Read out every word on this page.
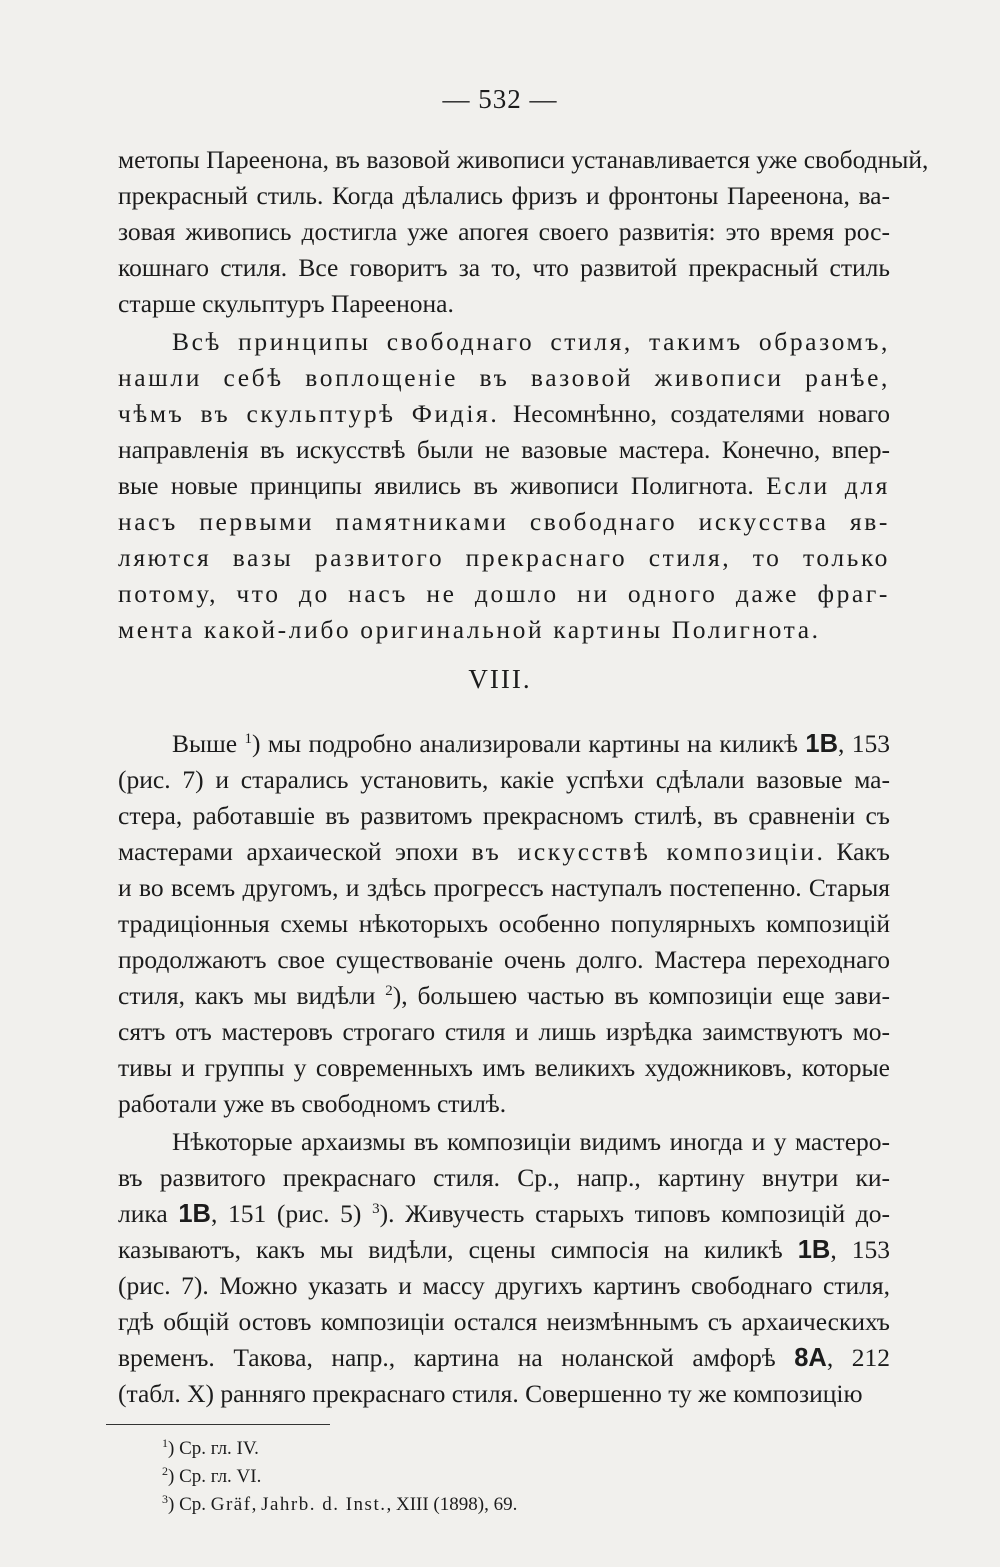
— 532 —
метопы Пареенона, въ вазовой живописи устанавливается уже свободный,
прекрасный стиль. Когда дѣлались фризъ и фронтоны Пареенона, ва-
зовая живопись достигла уже апогея своего развитія: это время рос-
кошнаго стиля. Все говоритъ за то, что развитой прекрасный стиль
старше скульптуръ Пареенона.
Всѣ принципы свободнаго стиля, такимъ образомъ,
нашли себѣ воплощеніе въ вазовой живописи ранѣе,
чѣмъ въ скульптурѣ Фидія. Несомнѣнно, создателями новаго
направленія въ искусствѣ были не вазовые мастера. Конечно, впер-
вые новые принципы явились въ живописи Полигнота. Если для
насъ первыми памятниками свободнаго искусства яв-
ляются вазы развитого прекраснаго стиля, то только
потому, что до насъ не дошло ни одного даже фраг-
мента какой-либо оригинальной картины Полигнота.
VIII.
Выше $^1$) мы подробно анализировали картины на киликѣ 1В, 153
(рис. 7) и старались установить, какіе успѣхи сдѣлали вазовые ма-
стера, работавшіе въ развитомъ прекрасномъ стилѣ, въ сравненіи съ
мастерами архаической эпохи въ искусствѣ композиціи. Какъ
и во всемъ другомъ, и здѣсь прогрессъ наступалъ постепенно. Старыя
традиціонныя схемы нѣкоторыхъ особенно популярныхъ композицій
продолжаютъ свое существованіе очень долго. Мастера переходнаго
стиля, какъ мы видѣли $^2$), большею частью въ композиціи еще зави-
сятъ отъ мастеровъ строгаго стиля и лишь изрѣдка заимствуютъ мо-
тивы и группы у современныхъ имъ великихъ художниковъ, которые
работали уже въ свободномъ стилѣ.
Нѣкоторые архаизмы въ композиціи видимъ иногда и у мастеро-
въ развитого прекраснаго стиля. Ср., напр., картину внутри ки-
лика 1В, 151 (рис. 5) $^3$). Живучесть старыхъ типовъ композицій до-
казываютъ, какъ мы видѣли, сцены симпосія на киликѣ 1В, 153
(рис. 7). Можно указать и массу другихъ картинъ свободнаго стиля,
гдѣ общій остовъ композиціи остался неизмѣннымъ съ архаическихъ
временъ. Такова, напр., картина на ноланской амфорѣ 8А, 212
(табл. X) ранняго прекраснаго стиля. Совершенно ту же композицію
$^1$) Ср. гл. IV.
$^2$) Ср. гл. VI.
$^3$) Ср. Gräf, Jahrb. d. Inst., XIII (1898), 69.
